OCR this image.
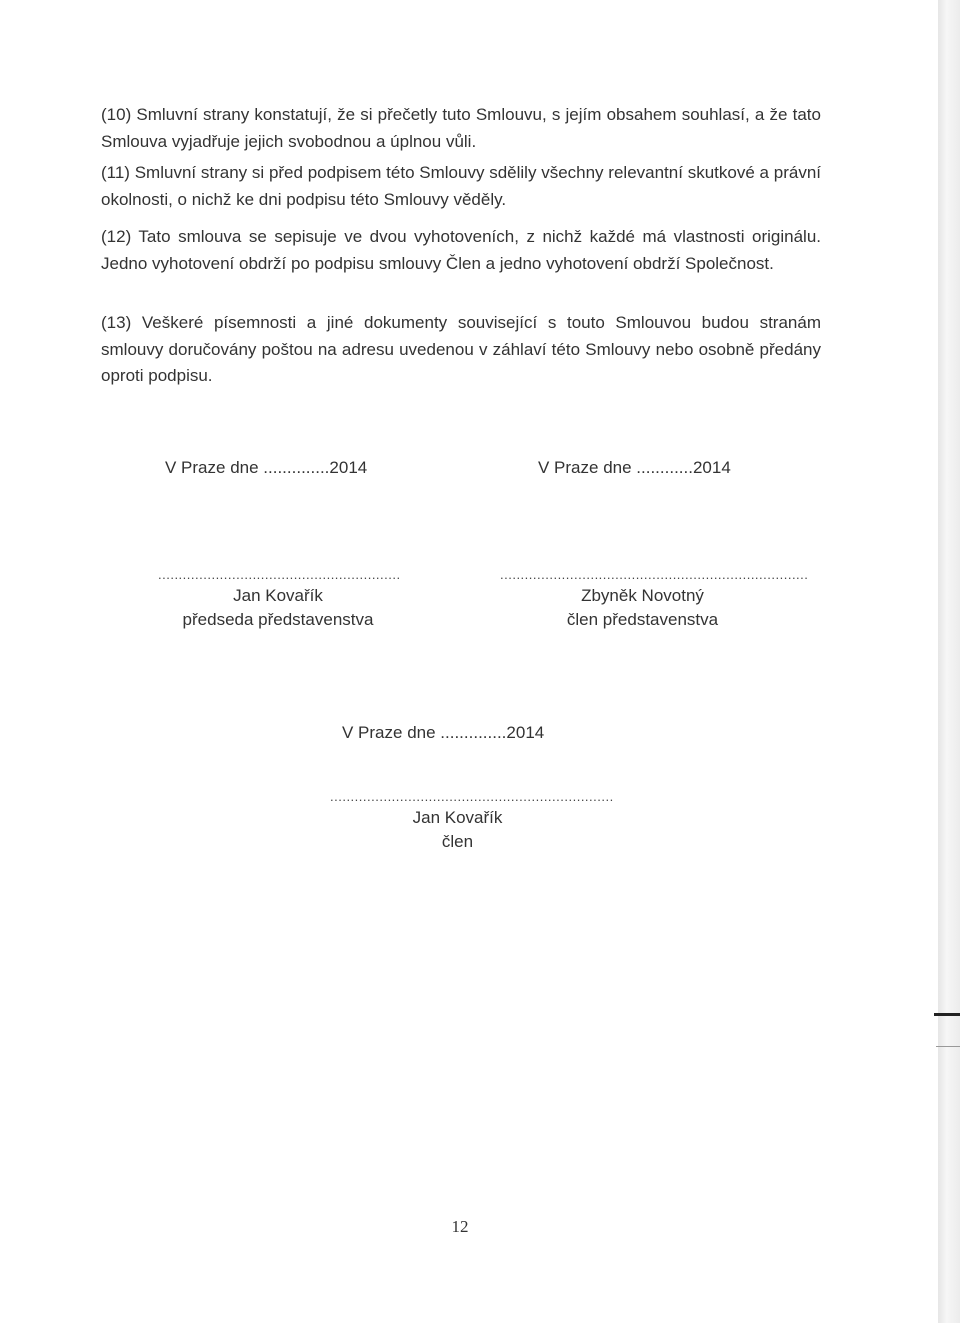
(10) Smluvní strany konstatují, že si přečetly tuto Smlouvu, s jejím obsahem souhlasí, a že tato Smlouva vyjadřuje jejich svobodnou a úplnou vůli.

(11) Smluvní strany si před podpisem této Smlouvy sdělily všechny relevantní skutkové a právní okolnosti, o nichž ke dni podpisu této Smlouvy věděly.

(12) Tato smlouva se sepisuje ve dvou vyhotoveních, z nichž každé má vlastnosti originálu. Jedno vyhotovení obdrží po podpisu smlouvy Člen a jedno vyhotovení obdrží Společnost.

(13) Veškeré písemnosti a jiné dokumenty související s touto Smlouvou budou stranám smlouvy doručovány poštou na adresu uvedenou v záhlaví této Smlouvy nebo osobně předány oproti podpisu.

V Praze dne ..............2014	V Praze dne ............2014
...........................................................
Jan Kovařík
předseda představenstva
...........................................................................
Zbyněk Novotný
člen představenstva
V Praze dne ..............2014
.....................................................................
Jan Kovařík
člen
12
